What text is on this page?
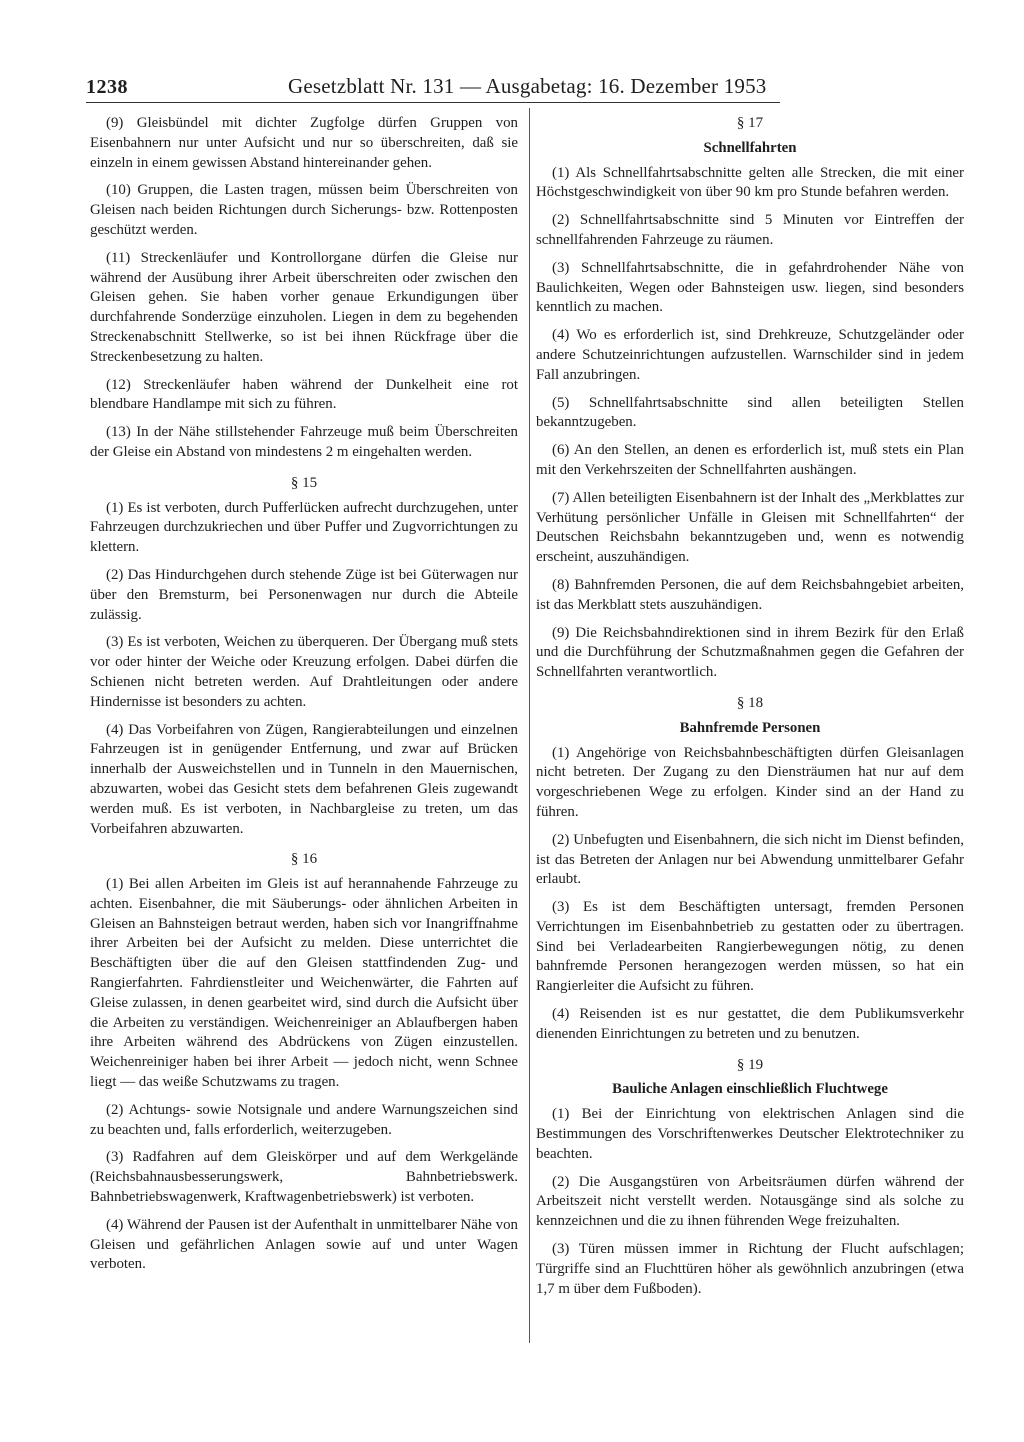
1238	Gesetzblatt Nr. 131 — Ausgabetag: 16. Dezember 1953

(9) Gleisbündel mit dichter Zugfolge dürfen Gruppen von Eisenbahnern nur unter Aufsicht und nur so überschreiten, daß sie einzeln in einem gewissen Abstand hintereinander gehen.

(10) Gruppen, die Lasten tragen, müssen beim Überschreiten von Gleisen nach beiden Richtungen durch Sicherungs- bzw. Rottenposten geschützt werden.

(11) Streckenläufer und Kontrollorgane dürfen die Gleise nur während der Ausübung ihrer Arbeit überschreiten oder zwischen den Gleisen gehen. Sie haben vorher genaue Erkundigungen über durchfahrende Sonderzüge einzuholen. Liegen in dem zu begehenden Streckenabschnitt Stellwerke, so ist bei ihnen Rückfrage über die Streckenbesetzung zu halten.

(12) Streckenläufer haben während der Dunkelheit eine rot blendbare Handlampe mit sich zu führen.

(13) In der Nähe stillstehender Fahrzeuge muß beim Überschreiten der Gleise ein Abstand von mindestens 2 m eingehalten werden.

§ 15

(1) Es ist verboten, durch Pufferlücken aufrecht durchzugehen, unter Fahrzeugen durchzukriechen und über Puffer und Zugvorrichtungen zu klettern.

(2) Das Hindurchgehen durch stehende Züge ist bei Güterwagen nur über den Bremsturm, bei Personenwagen nur durch die Abteile zulässig.

(3) Es ist verboten, Weichen zu überqueren. Der Übergang muß stets vor oder hinter der Weiche oder Kreuzung erfolgen. Dabei dürfen die Schienen nicht betreten werden. Auf Drahtleitungen oder andere Hindernisse ist besonders zu achten.

(4) Das Vorbeifahren von Zügen, Rangierabteilungen und einzelnen Fahrzeugen ist in genügender Entfernung, und zwar auf Brücken innerhalb der Ausweichstellen und in Tunneln in den Mauernischen, abzuwarten, wobei das Gesicht stets dem befahrenen Gleis zugewandt werden muß. Es ist verboten, in Nachbargleise zu treten, um das Vorbeifahren abzuwarten.

§ 16

(1) Bei allen Arbeiten im Gleis ist auf herannahende Fahrzeuge zu achten. Eisenbahner, die mit Säuberungs- oder ähnlichen Arbeiten in Gleisen an Bahnsteigen betraut werden, haben sich vor Inangriffnahme ihrer Arbeiten bei der Aufsicht zu melden. Diese unterrichtet die Beschäftigten über die auf den Gleisen stattfindenden Zug- und Rangierfahrten. Fahrdienstleiter und Weichenwärter, die Fahrten auf Gleise zulassen, in denen gearbeitet wird, sind durch die Aufsicht über die Arbeiten zu verständigen. Weichenreiniger an Ablaufbergen haben ihre Arbeiten während des Abdrückens von Zügen einzustellen. Weichenreiniger haben bei ihrer Arbeit — jedoch nicht, wenn Schnee liegt — das weiße Schutzwams zu tragen.

(2) Achtungs- sowie Notsignale und andere Warnungszeichen sind zu beachten und, falls erforderlich, weiterzugeben.

(3) Radfahren auf dem Gleiskörper und auf dem Werkgelände (Reichsbahnausbesserungswerk, Bahnbetriebswerk. Bahnbetriebswagenwerk, Kraftwagenbetriebswerk) ist verboten.

(4) Während der Pausen ist der Aufenthalt in unmittelbarer Nähe von Gleisen und gefährlichen Anlagen sowie auf und unter Wagen verboten.

§ 17
Schnellfahrten

(1) Als Schnellfahrtsabschnitte gelten alle Strecken, die mit einer Höchstgeschwindigkeit von über 90 km pro Stunde befahren werden.

(2) Schnellfahrtsabschnitte sind 5 Minuten vor Eintreffen der schnellfahrenden Fahrzeuge zu räumen.

(3) Schnellfahrtsabschnitte, die in gefahrdrohender Nähe von Baulichkeiten, Wegen oder Bahnsteigen usw. liegen, sind besonders kenntlich zu machen.

(4) Wo es erforderlich ist, sind Drehkreuze, Schutzgeländer oder andere Schutzeinrichtungen aufzustellen. Warnschilder sind in jedem Fall anzubringen.

(5) Schnellfahrtsabschnitte sind allen beteiligten Stellen bekanntzugeben.

(6) An den Stellen, an denen es erforderlich ist, muß stets ein Plan mit den Verkehrszeiten der Schnellfahrten aushängen.

(7) Allen beteiligten Eisenbahnern ist der Inhalt des „Merkblattes zur Verhütung persönlicher Unfälle in Gleisen mit Schnellfahrten“ der Deutschen Reichsbahn bekanntzugeben und, wenn es notwendig erscheint, auszuhändigen.

(8) Bahnfremden Personen, die auf dem Reichsbahngebiet arbeiten, ist das Merkblatt stets auszuhändigen.

(9) Die Reichsbahndirektionen sind in ihrem Bezirk für den Erlaß und die Durchführung der Schutzmaßnahmen gegen die Gefahren der Schnellfahrten verantwortlich.

§ 18
Bahnfremde Personen

(1) Angehörige von Reichsbahnbeschäftigten dürfen Gleisanlagen nicht betreten. Der Zugang zu den Diensträumen hat nur auf dem vorgeschriebenen Wege zu erfolgen. Kinder sind an der Hand zu führen.

(2) Unbefugten und Eisenbahnern, die sich nicht im Dienst befinden, ist das Betreten der Anlagen nur bei Abwendung unmittelbarer Gefahr erlaubt.

(3) Es ist dem Beschäftigten untersagt, fremden Personen Verrichtungen im Eisenbahnbetrieb zu gestatten oder zu übertragen. Sind bei Verladearbeiten Rangierbewegungen nötig, zu denen bahnfremde Personen herangezogen werden müssen, so hat ein Rangierleiter die Aufsicht zu führen.

(4) Reisenden ist es nur gestattet, die dem Publikumsverkehr dienenden Einrichtungen zu betreten und zu benutzen.

§ 19
Bauliche Anlagen einschließlich Fluchtwege

(1) Bei der Einrichtung von elektrischen Anlagen sind die Bestimmungen des Vorschriftenwerkes Deutscher Elektrotechniker zu beachten.

(2) Die Ausgangstüren von Arbeitsräumen dürfen während der Arbeitszeit nicht verstellt werden. Notausgänge sind als solche zu kennzeichnen und die zu ihnen führenden Wege freizuhalten.

(3) Türen müssen immer in Richtung der Flucht aufschlagen; Türgriffe sind an Fluchttüren höher als gewöhnlich anzubringen (etwa 1,7 m über dem Fußboden).
